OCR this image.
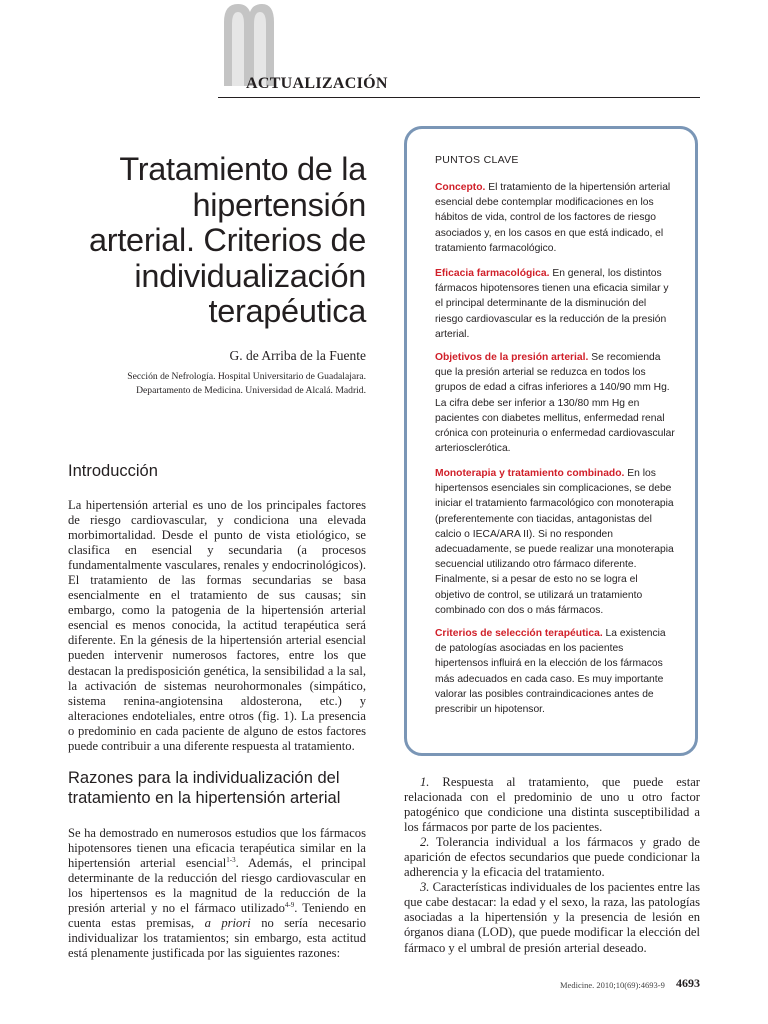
ACTUALIZACIÓN
Tratamiento de la
hipertensión
arterial. Criterios de
individualización
terapéutica
G. de Arriba de la Fuente
Sección de Nefrología. Hospital Universitario de Guadalajara.
Departamento de Medicina. Universidad de Alcalá. Madrid.
Introducción

La hipertensión arterial es uno de los principales factores de riesgo cardiovascular, y condiciona una elevada morbimortalidad. Desde el punto de vista etiológico, se clasifica en esencial y secundaria (a procesos fundamentalmente vasculares, renales y endocrinológicos). El tratamiento de las formas secundarias se basa esencialmente en el tratamiento de sus causas; sin embargo, como la patogenia de la hipertensión arterial esencial es menos conocida, la actitud terapéutica será diferente. En la génesis de la hipertensión arterial esencial pueden intervenir numerosos factores, entre los que destacan la predisposición genética, la sensibilidad a la sal, la activación de sistemas neurohormonales (simpático, sistema renina-angiotensina aldosterona, etc.) y alteraciones endoteliales, entre otros (fig. 1). La presencia o predominio en cada paciente de alguno de estos factores puede contribuir a una diferente respuesta al tratamiento.

Razones para la individualización del tratamiento en la hipertensión arterial

Se ha demostrado en numerosos estudios que los fármacos hipotensores tienen una eficacia terapéutica similar en la hipertensión arterial esencial$^{1-3}$. Además, el principal determinante de la reducción del riesgo cardiovascular en los hipertensos es la magnitud de la reducción de la presión arterial y no el fármaco utilizado$^{4-9}$. Teniendo en cuenta estas premisas, a priori no sería necesario individualizar los tratamientos; sin embargo, esta actitud está plenamente justificada por las siguientes razones:

PUNTOS CLAVE
Concepto. El tratamiento de la hipertensión arterial esencial debe contemplar modificaciones en los hábitos de vida, control de los factores de riesgo asociados y, en los casos en que está indicado, el tratamiento farmacológico.
Eficacia farmacológica. En general, los distintos fármacos hipotensores tienen una eficacia similar y el principal determinante de la disminución del riesgo cardiovascular es la reducción de la presión arterial.
Objetivos de la presión arterial. Se recomienda que la presión arterial se reduzca en todos los grupos de edad a cifras inferiores a 140/90 mm Hg. La cifra debe ser inferior a 130/80 mm Hg en pacientes con diabetes mellitus, enfermedad renal crónica con proteinuria o enfermedad cardiovascular arteriosclerótica.
Monoterapia y tratamiento combinado. En los hipertensos esenciales sin complicaciones, se debe iniciar el tratamiento farmacológico con monoterapia (preferentemente con tiacidas, antagonistas del calcio o IECA/ARA II). Si no responden adecuadamente, se puede realizar una monoterapia secuencial utilizando otro fármaco diferente. Finalmente, si a pesar de esto no se logra el objetivo de control, se utilizará un tratamiento combinado con dos o más fármacos.
Criterios de selección terapéutica. La existencia de patologías asociadas en los pacientes hipertensos influirá en la elección de los fármacos más adecuados en cada caso. Es muy importante valorar las posibles contraindicaciones antes de prescribir un hipotensor.

1. Respuesta al tratamiento, que puede estar relacionada con el predominio de uno u otro factor patogénico que condicione una distinta susceptibilidad a los fármacos por parte de los pacientes.

2. Tolerancia individual a los fármacos y grado de aparición de efectos secundarios que puede condicionar la adherencia y la eficacia del tratamiento.

3. Características individuales de los pacientes entre las que cabe destacar: la edad y el sexo, la raza, las patologías asociadas a la hipertensión y la presencia de lesión en órganos diana (LOD), que puede modificar la elección del fármaco y el umbral de presión arterial deseado.

Medicine. 2010;10(69):4693-9 4693
